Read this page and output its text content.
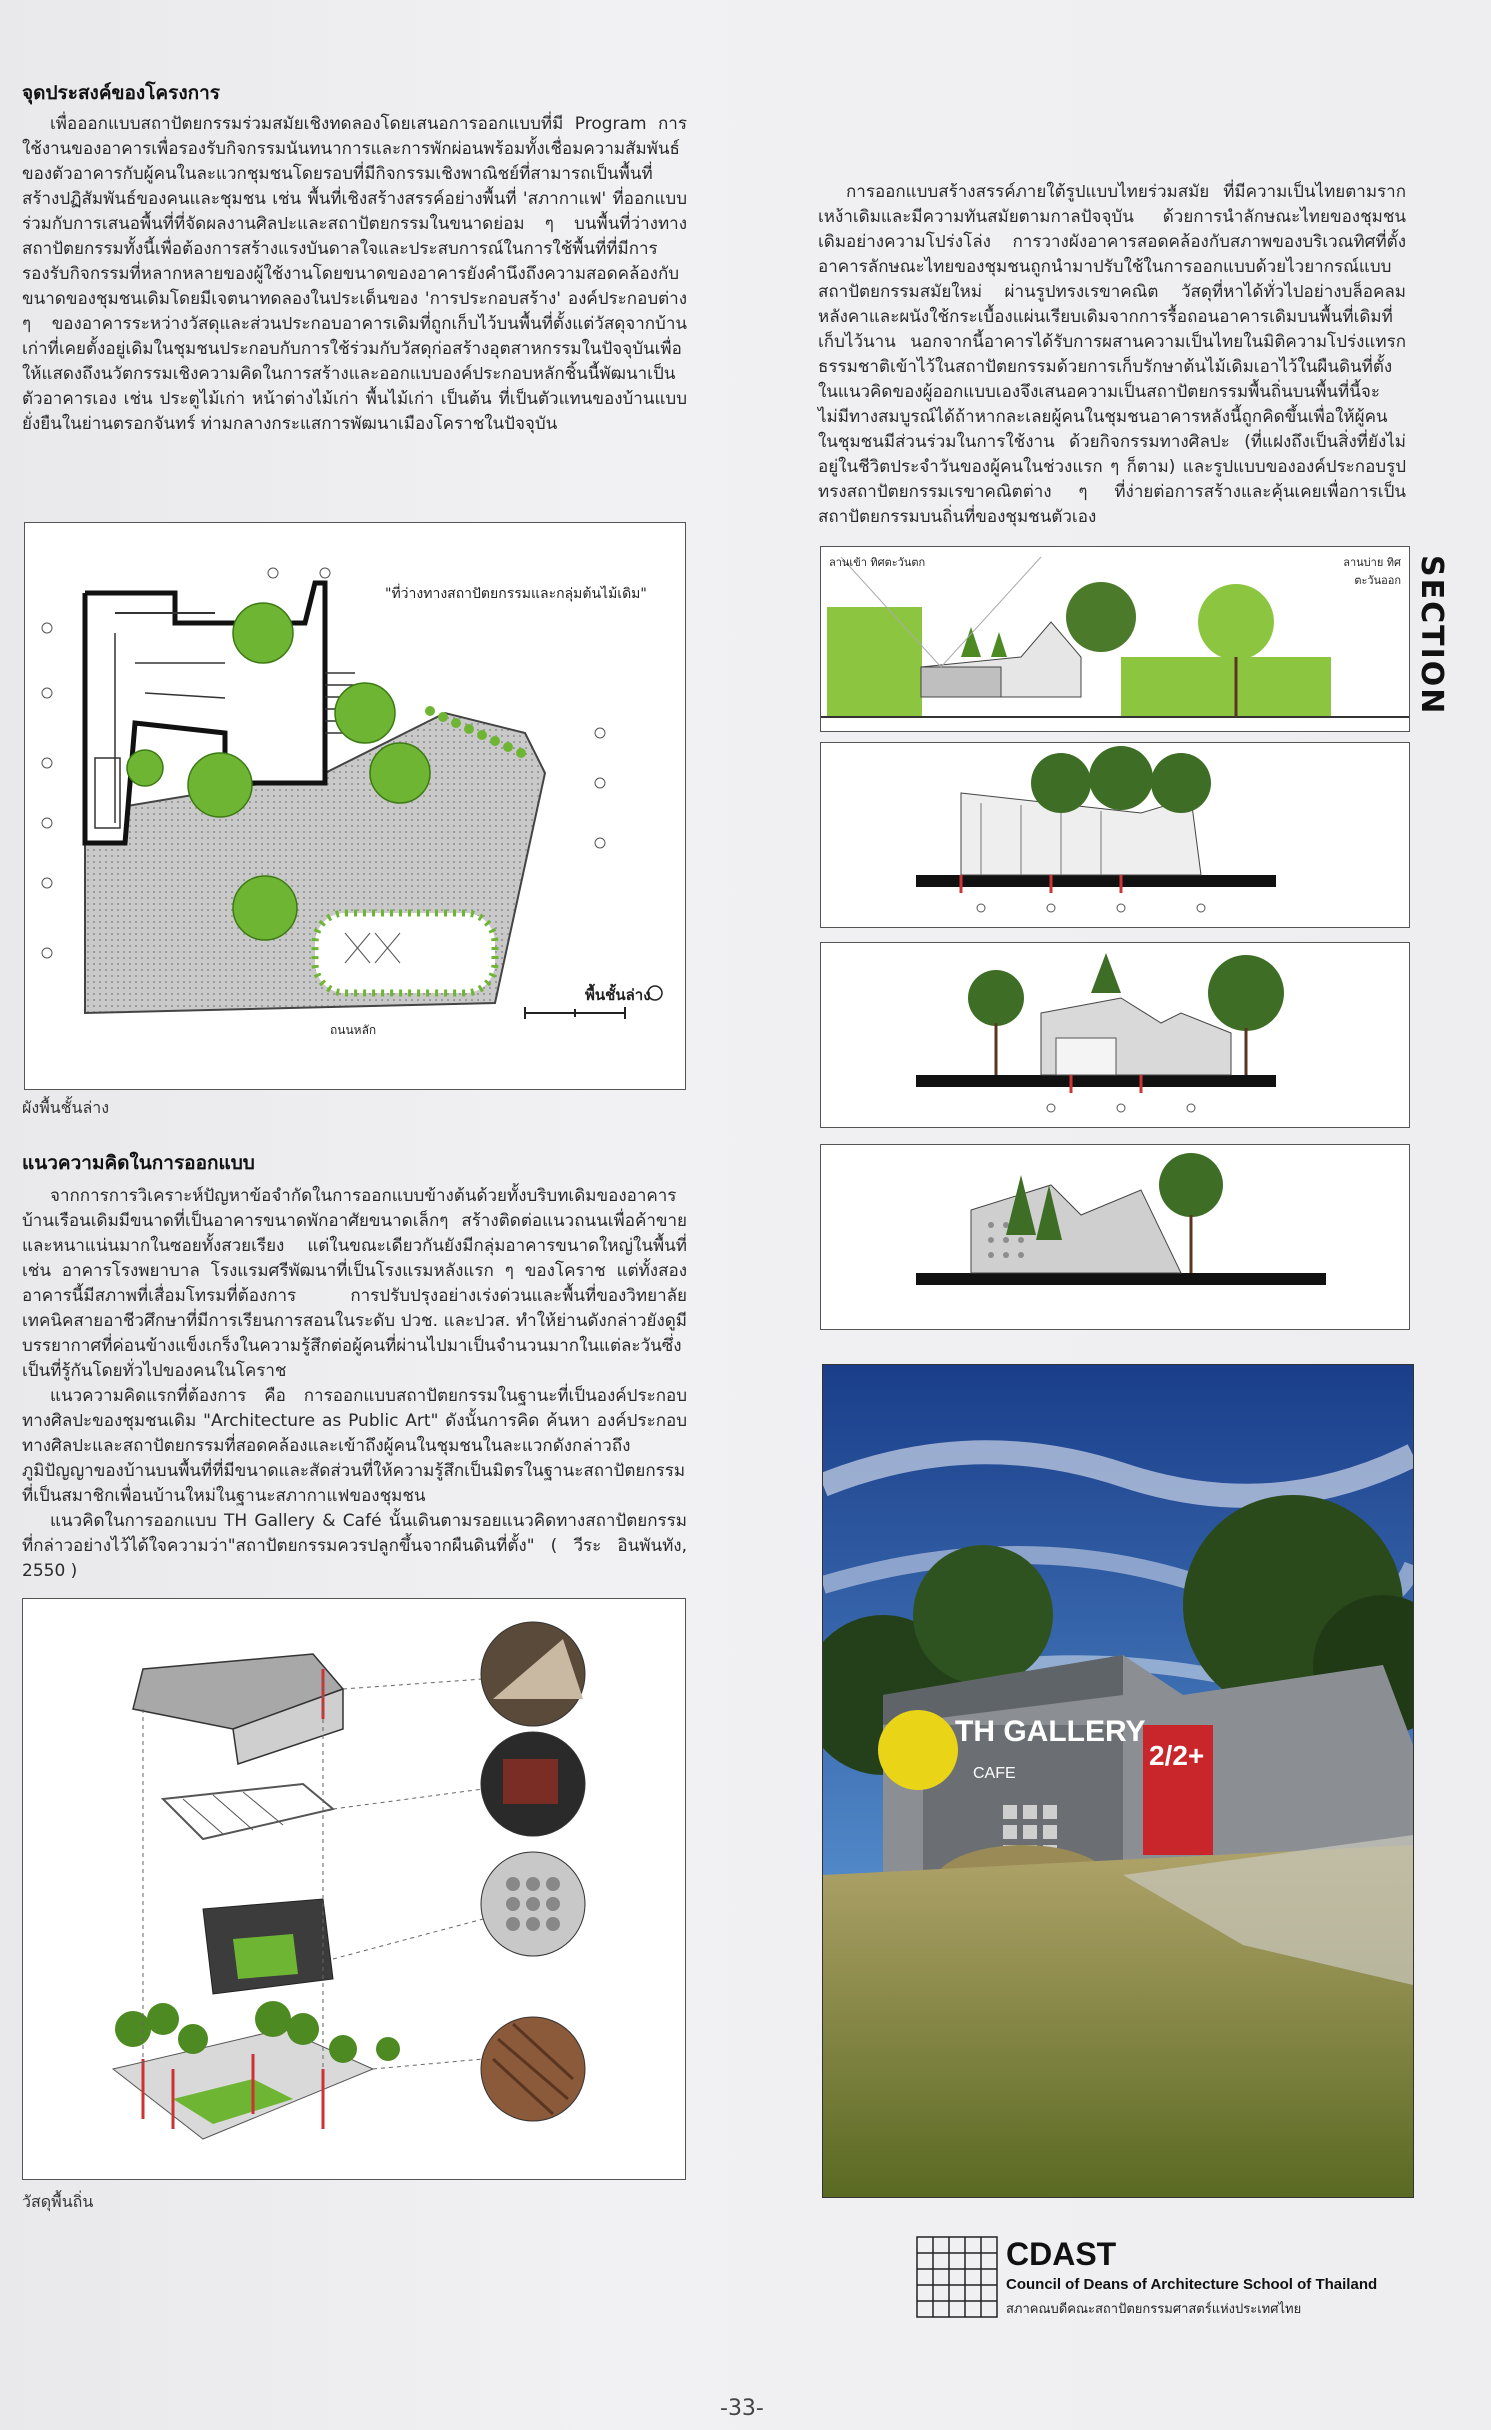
จุดประสงค์ของโครงการ

เพื่อออกแบบสถาปัตยกรรมร่วมสมัยเชิงทดลองโดยเสนอการออกแบบที่มี Program การใช้งานของอาคารเพื่อรองรับกิจกรรมนันทนาการและการพักผ่อนพร้อมทั้งเชื่อมความสัมพันธ์ของตัวอาคารกับผู้คนในละแวกชุมชนโดยรอบที่มีกิจกรรมเชิงพาณิชย์ที่สามารถเป็นพื้นที่สร้างปฏิสัมพันธ์ของคนและชุมชน เช่น พื้นที่เชิงสร้างสรรค์อย่างพื้นที่ 'สภากาแฟ' ที่ออกแบบร่วมกับการเสนอพื้นที่ที่จัดผลงานศิลปะและสถาปัตยกรรมในขนาดย่อม ๆ บนพื้นที่ว่างทางสถาปัตยกรรมทั้งนี้เพื่อต้องการสร้างแรงบันดาลใจและประสบการณ์ในการใช้พื้นที่ที่มีการรองรับกิจกรรมที่หลากหลายของผู้ใช้งานโดยขนาดของอาคารยังคำนึงถึงความสอดคล้องกับขนาดของชุมชนเดิมโดยมีเจตนาทดลองในประเด็นของ 'การประกอบสร้าง' องค์ประกอบต่าง ๆ ของอาคารระหว่างวัสดุและส่วนประกอบอาคารเดิมที่ถูกเก็บไว้บนพื้นที่ตั้งแต่วัสดุจากบ้านเก่าที่เคยตั้งอยู่เดิมในชุมชนประกอบกับการใช้ร่วมกับวัสดุก่อสร้างอุตสาหกรรมในปัจจุบันเพื่อให้แสดงถึงนวัตกรรมเชิงความคิดในการสร้างและออกแบบองค์ประกอบหลักชิ้นนี้พัฒนาเป็นตัวอาคารเอง เช่น ประตูไม้เก่า หน้าต่างไม้เก่า พื้นไม้เก่า เป็นต้น ที่เป็นตัวแทนของบ้านแบบยั่งยืนในย่านตรอกจันทร์ ท่ามกลางกระแสการพัฒนาเมืองโคราชในปัจจุบัน

"ที่ว่างทางสถาปัตยกรรมและกลุ่มต้นไม้เดิม"
พื้นชั้นล่าง
ถนนหลัก
ผังพื้นชั้นล่าง
แนวความคิดในการออกแบบ

จากการการวิเคราะห์ปัญหาข้อจำกัดในการออกแบบข้างต้นด้วยทั้งบริบทเดิมของอาคารบ้านเรือนเดิมมีขนาดที่เป็นอาคารขนาดพักอาศัยขนาดเล็กๆ สร้างติดต่อแนวถนนเพื่อค้าขายและหนาแน่นมากในซอยทั้งสวยเรียง แต่ในขณะเดียวกันยังมีกลุ่มอาคารขนาดใหญ่ในพื้นที่เช่น อาคารโรงพยาบาล โรงแรมศรีพัฒนาที่เป็นโรงแรมหลังแรก ๆ ของโคราช แต่ทั้งสองอาคารนี้มีสภาพที่เสื่อมโทรมที่ต้องการ การปรับปรุงอย่างเร่งด่วนและพื้นที่ของวิทยาลัยเทคนิคสายอาชีวศึกษาที่มีการเรียนการสอนในระดับ ปวช. และปวส. ทำให้ย่านดังกล่าวยังดูมีบรรยากาศที่ค่อนข้างแข็งเกร็งในความรู้สึกต่อผู้คนที่ผ่านไปมาเป็นจำนวนมากในแต่ละวันซึ่งเป็นที่รู้กันโดยทั่วไปของคนในโคราช

แนวความคิดแรกที่ต้องการ คือ การออกแบบสถาปัตยกรรมในฐานะที่เป็นองค์ประกอบทางศิลปะของชุมชนเดิม "Architecture as Public Art" ดังนั้นการคิด ค้นหา องค์ประกอบทางศิลปะและสถาปัตยกรรมที่สอดคล้องและเข้าถึงผู้คนในชุมชนในละแวกดังกล่าวถึงภูมิปัญญาของบ้านบนพื้นที่ที่มีขนาดและสัดส่วนที่ให้ความรู้สึกเป็นมิตรในฐานะสถาปัตยกรรมที่เป็นสมาชิกเพื่อนบ้านใหม่ในฐานะสภากาแฟของชุมชน

แนวคิดในการออกแบบ TH Gallery & Café นั้นเดินตามรอยแนวคิดทางสถาปัตยกรรมที่กล่าวอย่างไว้ได้ใจความว่า"สถาปัตยกรรมควรปลูกขึ้นจากผืนดินที่ตั้ง" ( วีระ อินพันทัง, 2550 )

วัสดุพื้นถิ่น

การออกแบบสร้างสรรค์ภายใต้รูปแบบไทยร่วมสมัย ที่มีความเป็นไทยตามรากเหง้าเดิมและมีความทันสมัยตามกาลปัจจุบัน ด้วยการนำลักษณะไทยของชุมชนเดิมอย่างความโปร่งโล่ง การวางผังอาคารสอดคล้องกับสภาพของบริเวณทิศที่ตั้งอาคารลักษณะไทยของชุมชนถูกนำมาปรับใช้ในการออกแบบด้วยไวยากรณ์แบบสถาปัตยกรรมสมัยใหม่ ผ่านรูปทรงเรขาคณิต วัสดุที่หาได้ทั่วไปอย่างบล็อคลม หลังคาและผนังใช้กระเบื้องแผ่นเรียบเดิมจากการรื้อถอนอาคารเดิมบนพื้นที่เดิมที่เก็บไว้นาน นอกจากนี้อาคารได้รับการผสานความเป็นไทยในมิติความโปร่งแทรกธรรมชาติเข้าไว้ในสถาปัตยกรรมด้วยการเก็บรักษาต้นไม้เดิมเอาไว้ในผืนดินที่ตั้ง ในแนวคิดของผู้ออกแบบเองจึงเสนอความเป็นสถาปัตยกรรมพื้นถิ่นบนพื้นที่นี้จะไม่มีทางสมบูรณ์ได้ถ้าหากละเลยผู้คนในชุมชนอาคารหลังนี้ถูกคิดขึ้นเพื่อให้ผู้คนในชุมชนมีส่วนร่วมในการใช้งาน ด้วยกิจกรรมทางศิลปะ (ที่แฝงถึงเป็นสิ่งที่ยังไม่อยู่ในชีวิตประจำวันของผู้คนในช่วงแรก ๆ ก็ตาม) และรูปแบบขององค์ประกอบรูปทรงสถาปัตยกรรมเรขาคณิตต่าง ๆ ที่ง่ายต่อการสร้างและคุ้นเคยเพื่อการเป็นสถาปัตยกรรมบนถิ่นที่ของชุมชนตัวเอง

SECTION
ลานเข้า ทิศตะวันตก	ลานบ่าย ทิศตะวันออก
TH GALLERY
CAFE
2/2+
CDAST
Council of Deans of Architecture School of Thailand
สภาคณบดีคณะสถาปัตยกรรมศาสตร์แห่งประเทศไทย
-33-
